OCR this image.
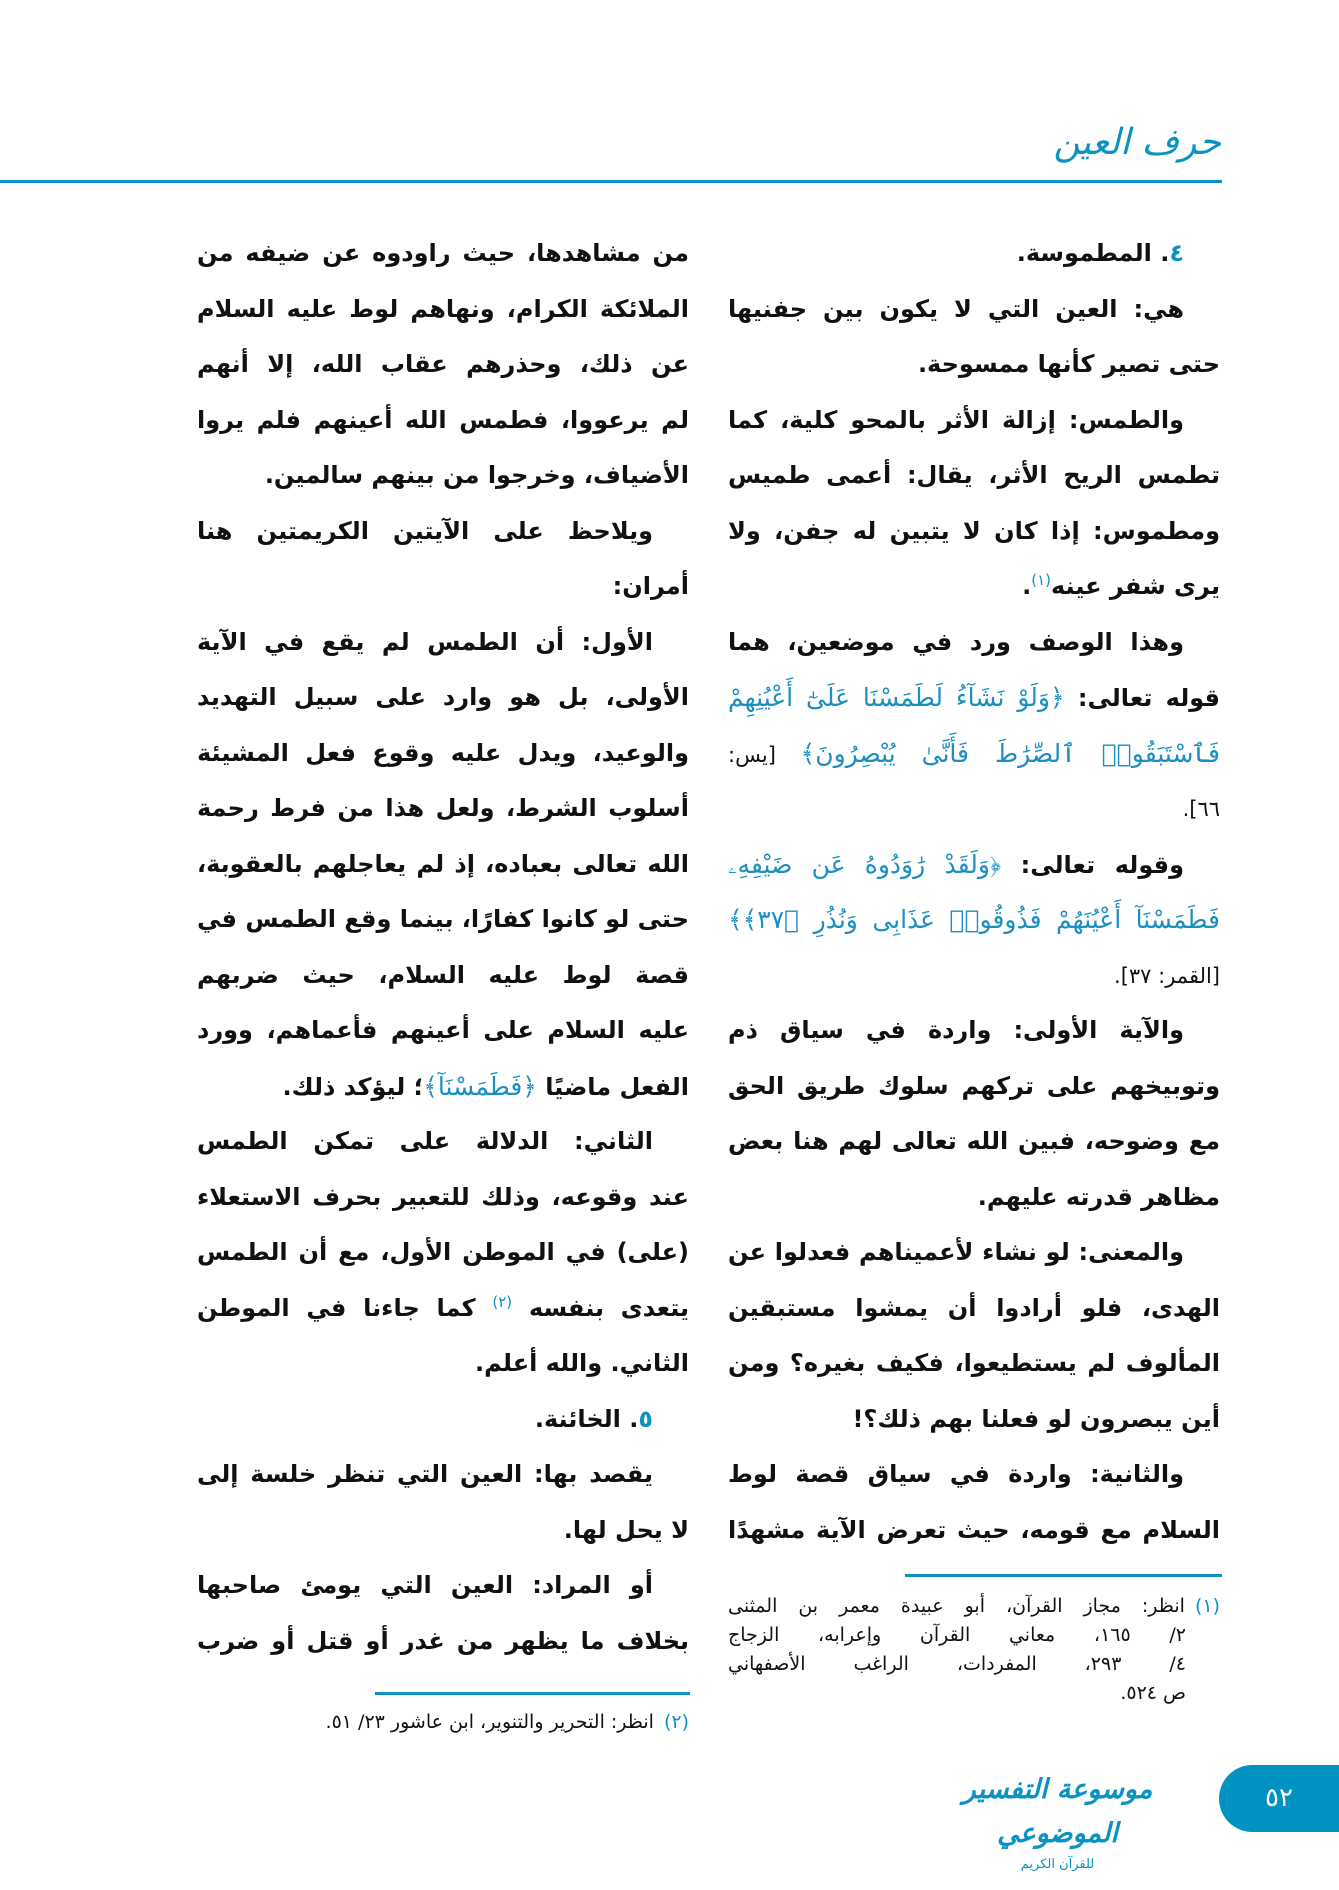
حرف العين
٤. المطموسة.
هي: العين التي لا يكون بين جفنيها
حتى تصير كأنها ممسوحة.
والطمس: إزالة الأثر بالمحو كلية، كما
تطمس الريح الأثر، يقال: أعمى طميس
ومطموس: إذا كان لا يتبين له جفن، ولا
يرى شفر عينه$^{(١)}$.
وهذا الوصف ورد في موضعين، هما
قوله تعالى: ﴿وَلَوْ نَشَآءُ لَطَمَسْنَا عَلَىٰٓ أَعْيُنِهِمْ
فَٱسْتَبَقُوا۟ ٱلصِّرَٰطَ فَأَنَّىٰ يُبْصِرُونَ﴾ [يس:
٦٦].
وقوله تعالى: ﴿وَلَقَدْ رَٰوَدُوهُ عَن ضَيْفِهِۦ
فَطَمَسْنَآ أَعْيُنَهُمْ فَذُوقُوا۟ عَذَابِى وَنُذُرِ ﴿٣٧﴾﴾
[القمر: ٣٧].
والآية الأولى: واردة في سياق ذم
وتوبيخهم على تركهم سلوك طريق الحق
مع وضوحه، فبين الله تعالى لهم هنا بعض
مظاهر قدرته عليهم.
والمعنى: لو نشاء لأعميناهم فعدلوا عن
الهدى، فلو أرادوا أن يمشوا مستبقين
المألوف لم يستطيعوا، فكيف بغيره؟ ومن
أين يبصرون لو فعلنا بهم ذلك؟!
والثانية: واردة في سياق قصة لوط
السلام مع قومه، حيث تعرض الآية مشهدًا
من مشاهدها، حيث راودوه عن ضيفه من
الملائكة الكرام، ونهاهم لوط عليه السلام
عن ذلك، وحذرهم عقاب الله، إلا أنهم
لم يرعووا، فطمس الله أعينهم فلم يروا
الأضياف، وخرجوا من بينهم سالمين.
ويلاحظ على الآيتين الكريمتين هنا
أمران:
الأول: أن الطمس لم يقع في الآية
الأولى، بل هو وارد على سبيل التهديد
والوعيد، ويدل عليه وقوع فعل المشيئة
أسلوب الشرط، ولعل هذا من فرط رحمة
الله تعالى بعباده، إذ لم يعاجلهم بالعقوبة،
حتى لو كانوا كفارًا، بينما وقع الطمس في
قصة لوط عليه السلام، حيث ضربهم
عليه السلام على أعينهم فأعماهم، وورد
الفعل ماضيًا ﴿فَطَمَسْنَآ﴾؛ ليؤكد ذلك.
الثاني: الدلالة على تمكن الطمس
عند وقوعه، وذلك للتعبير بحرف الاستعلاء
(على) في الموطن الأول، مع أن الطمس
يتعدى بنفسه $^{(٢)}$ كما جاءنا في الموطن
الثاني. والله أعلم.
٥. الخائنة.
يقصد بها: العين التي تنظر خلسة إلى
لا يحل لها.
أو المراد: العين التي يومئ صاحبها
بخلاف ما يظهر من غدر أو قتل أو ضرب
(١)انظر: مجاز القرآن، أبو عبيدة معمر بن المثنى
٢/ ١٦٥، معاني القرآن وإعرابه، الزجاج
٤/ ٢٩٣، المفردات، الراغب الأصفهاني
ص ٥٢٤.
(٢)انظر: التحرير والتنوير، ابن عاشور ٢٣/ ٥١.
موسوعة التفسير الموضوعي
للقرآن الكريم
٥٢
